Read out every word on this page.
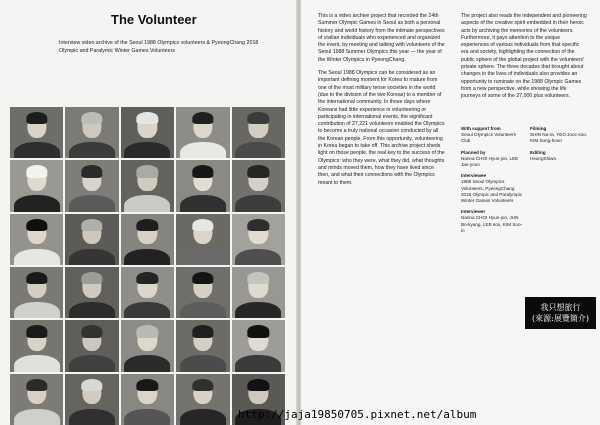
The Volunteer
Interview video archive of the Seoul 1988 Olympics volunteers & PyeongChang 2018 Olympic and Paralymic Winter Games Volunteers

This is a video archive project that recorded the 24th Summer Olympic Games in Seoul as both a personal history and world history from the intimate perspectives of civilian individuals who experienced and organized the event, by meeting and talking with volunteers of the Seoul 1988 Summer Olympics this year — the year of the Winter Olympics in PyeongChang.

The Seoul 1988 Olympics can be considered as an important defining moment for Korea to mature from one of the most military tense societies in the world (due to the division of the two Koreas) to a member of the international community. In those days where Koreans had little experience in volunteering or participating in international events, the significant contribution of 27,221 volunteers enabled the Olympics to become a truly national occasion conducted by all the Korean people. From this opportunity, volunteering in Korea began to take off. This archive project sheds light on those people, the real key to the success of the Olympics: who they were, what they did, what thoughts and minds moved them, how they have lived since then, and what their connections with the Olympics meant to them.

The project also reads the independent and pioneering aspects of the creative spirit embedded in their heroic acts by archiving the memories of the volunteers. Furthermore, it pays attention to the unique experiences of various individuals from that specific era and society, highlighting the connection of the public sphere of the global project with the volunteers' private sphere. The three decades that brought about changes in the lives of individuals also provides an opportunity to ruminate on the 1988 Olympic Games from a new perspective, while showing the life journeys of some of the 27,000 plus volunteers.

With support from
Seoul Olympics Volunteers Club
Planned by
Nanna CHOI Hyun-joo, LEE Jae-yoon
Interviewee
1988 Seoul Olympics Volunteers, PyeongChang 2018 Olympic and Paralympic Winter Games Volunteers
Interviewer
Nanna CHOI Hyun-joo, JUN Bo-kyung, LEE soo, KIM Soo-in
Filming
SHIN Na-ra, YEO Jooc-soo, KIM Sung-hoon
Editing
HeungShiwo
我只想旅行
(來源:展覽簡介)
http://jaja19850705.pixnet.net/album
